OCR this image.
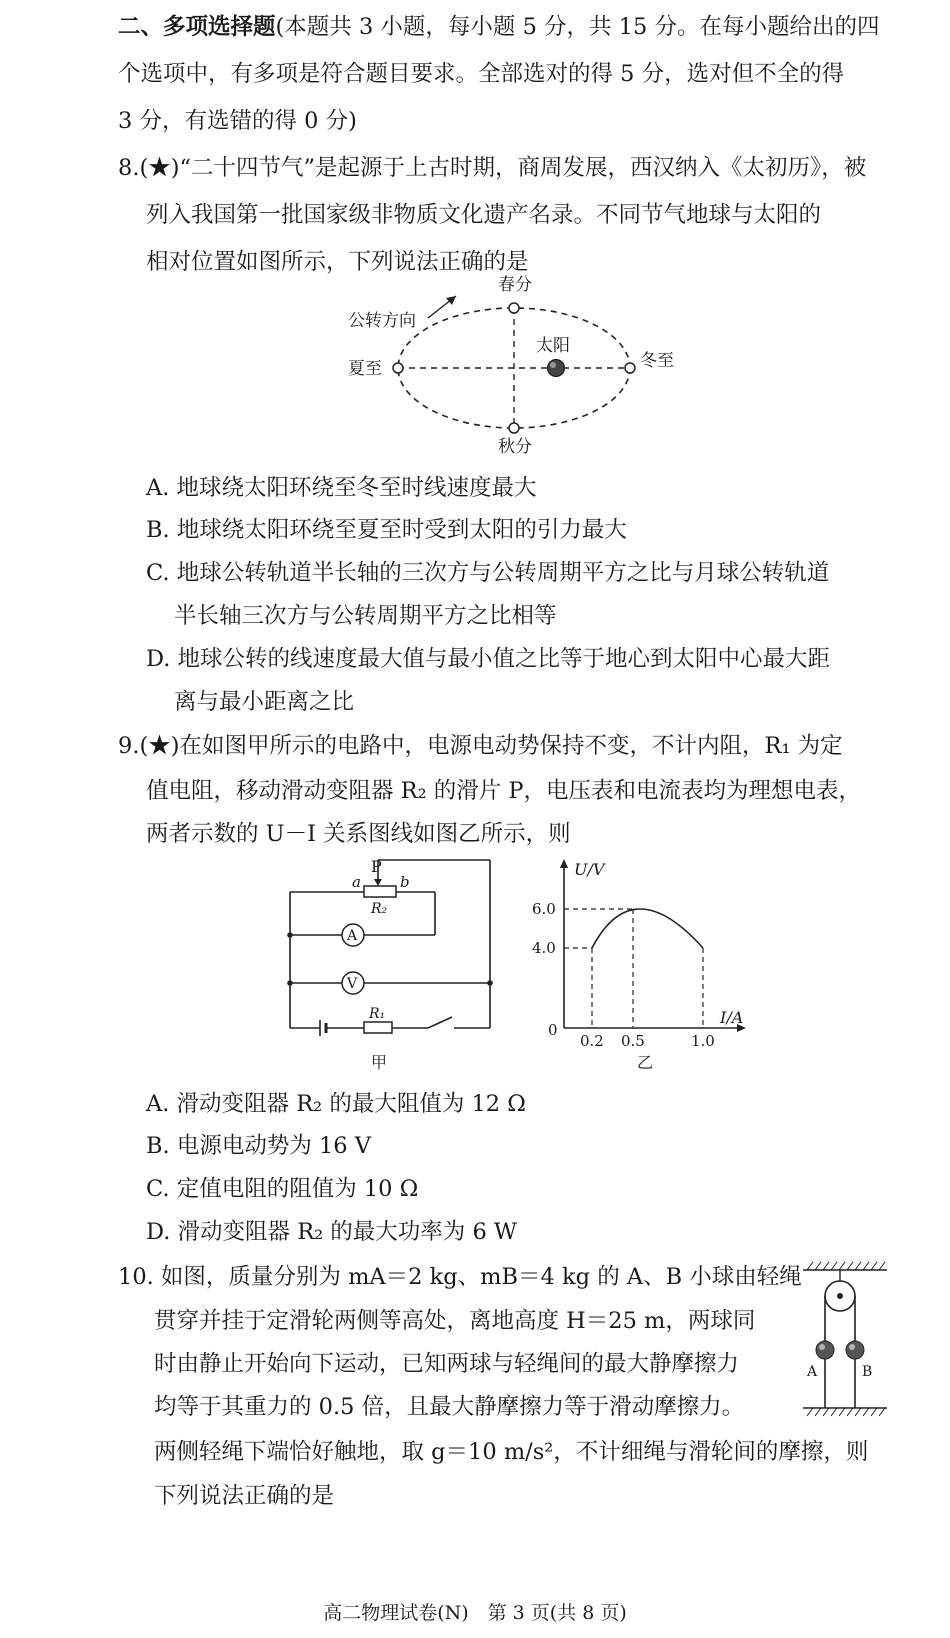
二、多项选择题(本题共 3 小题，每小题 5 分，共 15 分。在每小题给出的四
个选项中，有多项是符合题目要求。全部选对的得 5 分，选对但不全的得
3 分，有选错的得 0 分)
8.(★)“二十四节气”是起源于上古时期，商周发展，西汉纳入《太初历》，被
列入我国第一批国家级非物质文化遗产名录。不同节气地球与太阳的
相对位置如图所示，下列说法正确的是
春分
秋分
夏至	冬至
太阳
公转方向
A. 地球绕太阳环绕至冬至时线速度最大
B. 地球绕太阳环绕至夏至时受到太阳的引力最大
C. 地球公转轨道半长轴的三次方与公转周期平方之比与月球公转轨道
半长轴三次方与公转周期平方之比相等
D. 地球公转的线速度最大值与最小值之比等于地心到太阳中心最大距
离与最小距离之比
9.(★)在如图甲所示的电路中，电源电动势保持不变，不计内阻，R₁ 为定
值电阻，移动滑动变阻器 R₂ 的滑片 P，电压表和电流表均为理想电表，
两者示数的 U－I 关系图线如图乙所示，则
P
a	b
R₂
A
V
R₁
甲
U/V
I/A
6.0
4.0
0
0.2 0.5	1.0
乙
A. 滑动变阻器 R₂ 的最大阻值为 12 Ω
B. 电源电动势为 16 V
C. 定值电阻的阻值为 10 Ω
D. 滑动变阻器 R₂ 的最大功率为 6 W
10. 如图，质量分别为 mA＝2 kg、mB＝4 kg 的 A、B 小球由轻绳
贯穿并挂于定滑轮两侧等高处，离地高度 H＝25 m，两球同
时由静止开始向下运动，已知两球与轻绳间的最大静摩擦力
均等于其重力的 0.5 倍，且最大静摩擦力等于滑动摩擦力。
两侧轻绳下端恰好触地，取 g＝10 m/s²，不计细绳与滑轮间的摩擦，则
下列说法正确的是
A	B
高二物理试卷(N)　第 3 页(共 8 页)
